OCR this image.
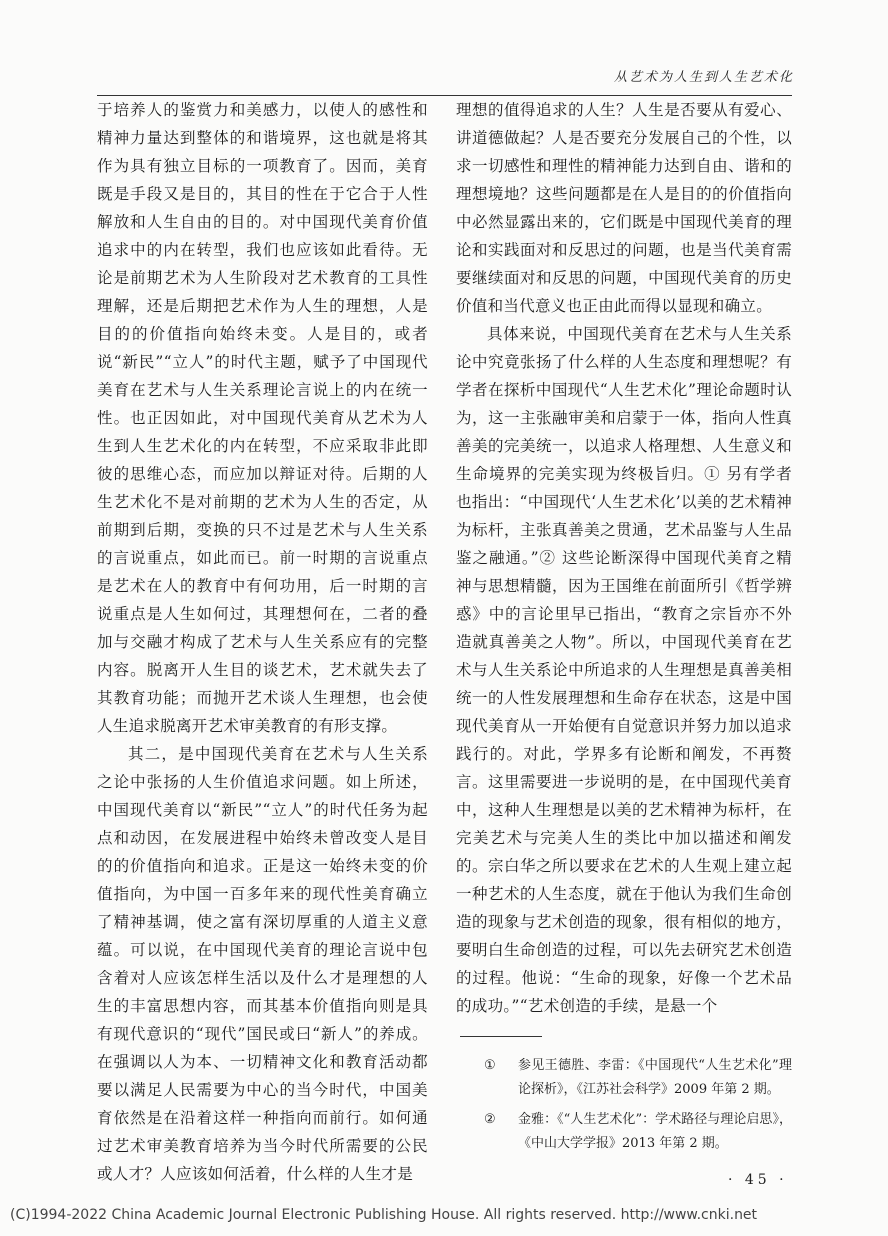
从艺术为人生到人生艺术化

于培养人的鉴赏力和美感力，以使人的感性和精神力量达到整体的和谐境界，这也就是将其作为具有独立目标的一项教育了。因而，美育既是手段又是目的，其目的性在于它合于人性解放和人生自由的目的。对中国现代美育价值追求中的内在转型，我们也应该如此看待。无论是前期艺术为人生阶段对艺术教育的工具性理解，还是后期把艺术作为人生的理想，人是目的的价值指向始终未变。人是目的，或者说“新民”“立人”的时代主题，赋予了中国现代美育在艺术与人生关系理论言说上的内在统一性。也正因如此，对中国现代美育从艺术为人生到人生艺术化的内在转型，不应采取非此即彼的思维心态，而应加以辩证对待。后期的人生艺术化不是对前期的艺术为人生的否定，从前期到后期，变换的只不过是艺术与人生关系的言说重点，如此而已。前一时期的言说重点是艺术在人的教育中有何功用，后一时期的言说重点是人生如何过，其理想何在，二者的叠加与交融才构成了艺术与人生关系应有的完整内容。脱离开人生目的谈艺术，艺术就失去了其教育功能；而抛开艺术谈人生理想，也会使人生追求脱离开艺术审美教育的有形支撑。

其二，是中国现代美育在艺术与人生关系之论中张扬的人生价值追求问题。如上所述，中国现代美育以“新民”“立人”的时代任务为起点和动因，在发展进程中始终未曾改变人是目的的价值指向和追求。正是这一始终未变的价值指向，为中国一百多年来的现代性美育确立了精神基调，使之富有深切厚重的人道主义意蕴。可以说，在中国现代美育的理论言说中包含着对人应该怎样生活以及什么才是理想的人生的丰富思想内容，而其基本价值指向则是具有现代意识的“现代”国民或曰“新人”的养成。在强调以人为本、一切精神文化和教育活动都要以满足人民需要为中心的当今时代，中国美育依然是在沿着这样一种指向而前行。如何通过艺术审美教育培养为当今时代所需要的公民或人才？人应该如何活着，什么样的人生才是

理想的值得追求的人生？人生是否要从有爱心、讲道德做起？人是否要充分发展自己的个性，以求一切感性和理性的精神能力达到自由、谐和的理想境地？这些问题都是在人是目的的价值指向中必然显露出来的，它们既是中国现代美育的理论和实践面对和反思过的问题，也是当代美育需要继续面对和反思的问题，中国现代美育的历史价值和当代意义也正由此而得以显现和确立。

具体来说，中国现代美育在艺术与人生关系论中究竟张扬了什么样的人生态度和理想呢？有学者在探析中国现代“人生艺术化”理论命题时认为，这一主张融审美和启蒙于一体，指向人性真善美的完美统一，以追求人格理想、人生意义和生命境界的完美实现为终极旨归。① 另有学者也指出：“中国现代‘人生艺术化’以美的艺术精神为标杆，主张真善美之贯通，艺术品鉴与人生品鉴之融通。”② 这些论断深得中国现代美育之精神与思想精髓，因为王国维在前面所引《哲学辨惑》中的言论里早已指出，“教育之宗旨亦不外造就真善美之人物”。所以，中国现代美育在艺术与人生关系论中所追求的人生理想是真善美相统一的人性发展理想和生命存在状态，这是中国现代美育从一开始便有自觉意识并努力加以追求践行的。对此，学界多有论断和阐发，不再赘言。这里需要进一步说明的是，在中国现代美育中，这种人生理想是以美的艺术精神为标杆，在完美艺术与完美人生的类比中加以描述和阐发的。宗白华之所以要求在艺术的人生观上建立起一种艺术的人生态度，就在于他认为我们生命创造的现象与艺术创造的现象，很有相似的地方，要明白生命创造的过程，可以先去研究艺术创造的过程。他说：“生命的现象，好像一个艺术品的成功。”“艺术创造的手续，是悬一个

① 参见王德胜、李雷：《中国现代“人生艺术化”理论探析》，《江苏社会科学》2009 年第 2 期。
② 金雅：《“人生艺术化”：学术路径与理论启思》，《中山大学学报》2013 年第 2 期。
· 45 ·
(C)1994-2022 China Academic Journal Electronic Publishing House. All rights reserved. http://www.cnki.net
